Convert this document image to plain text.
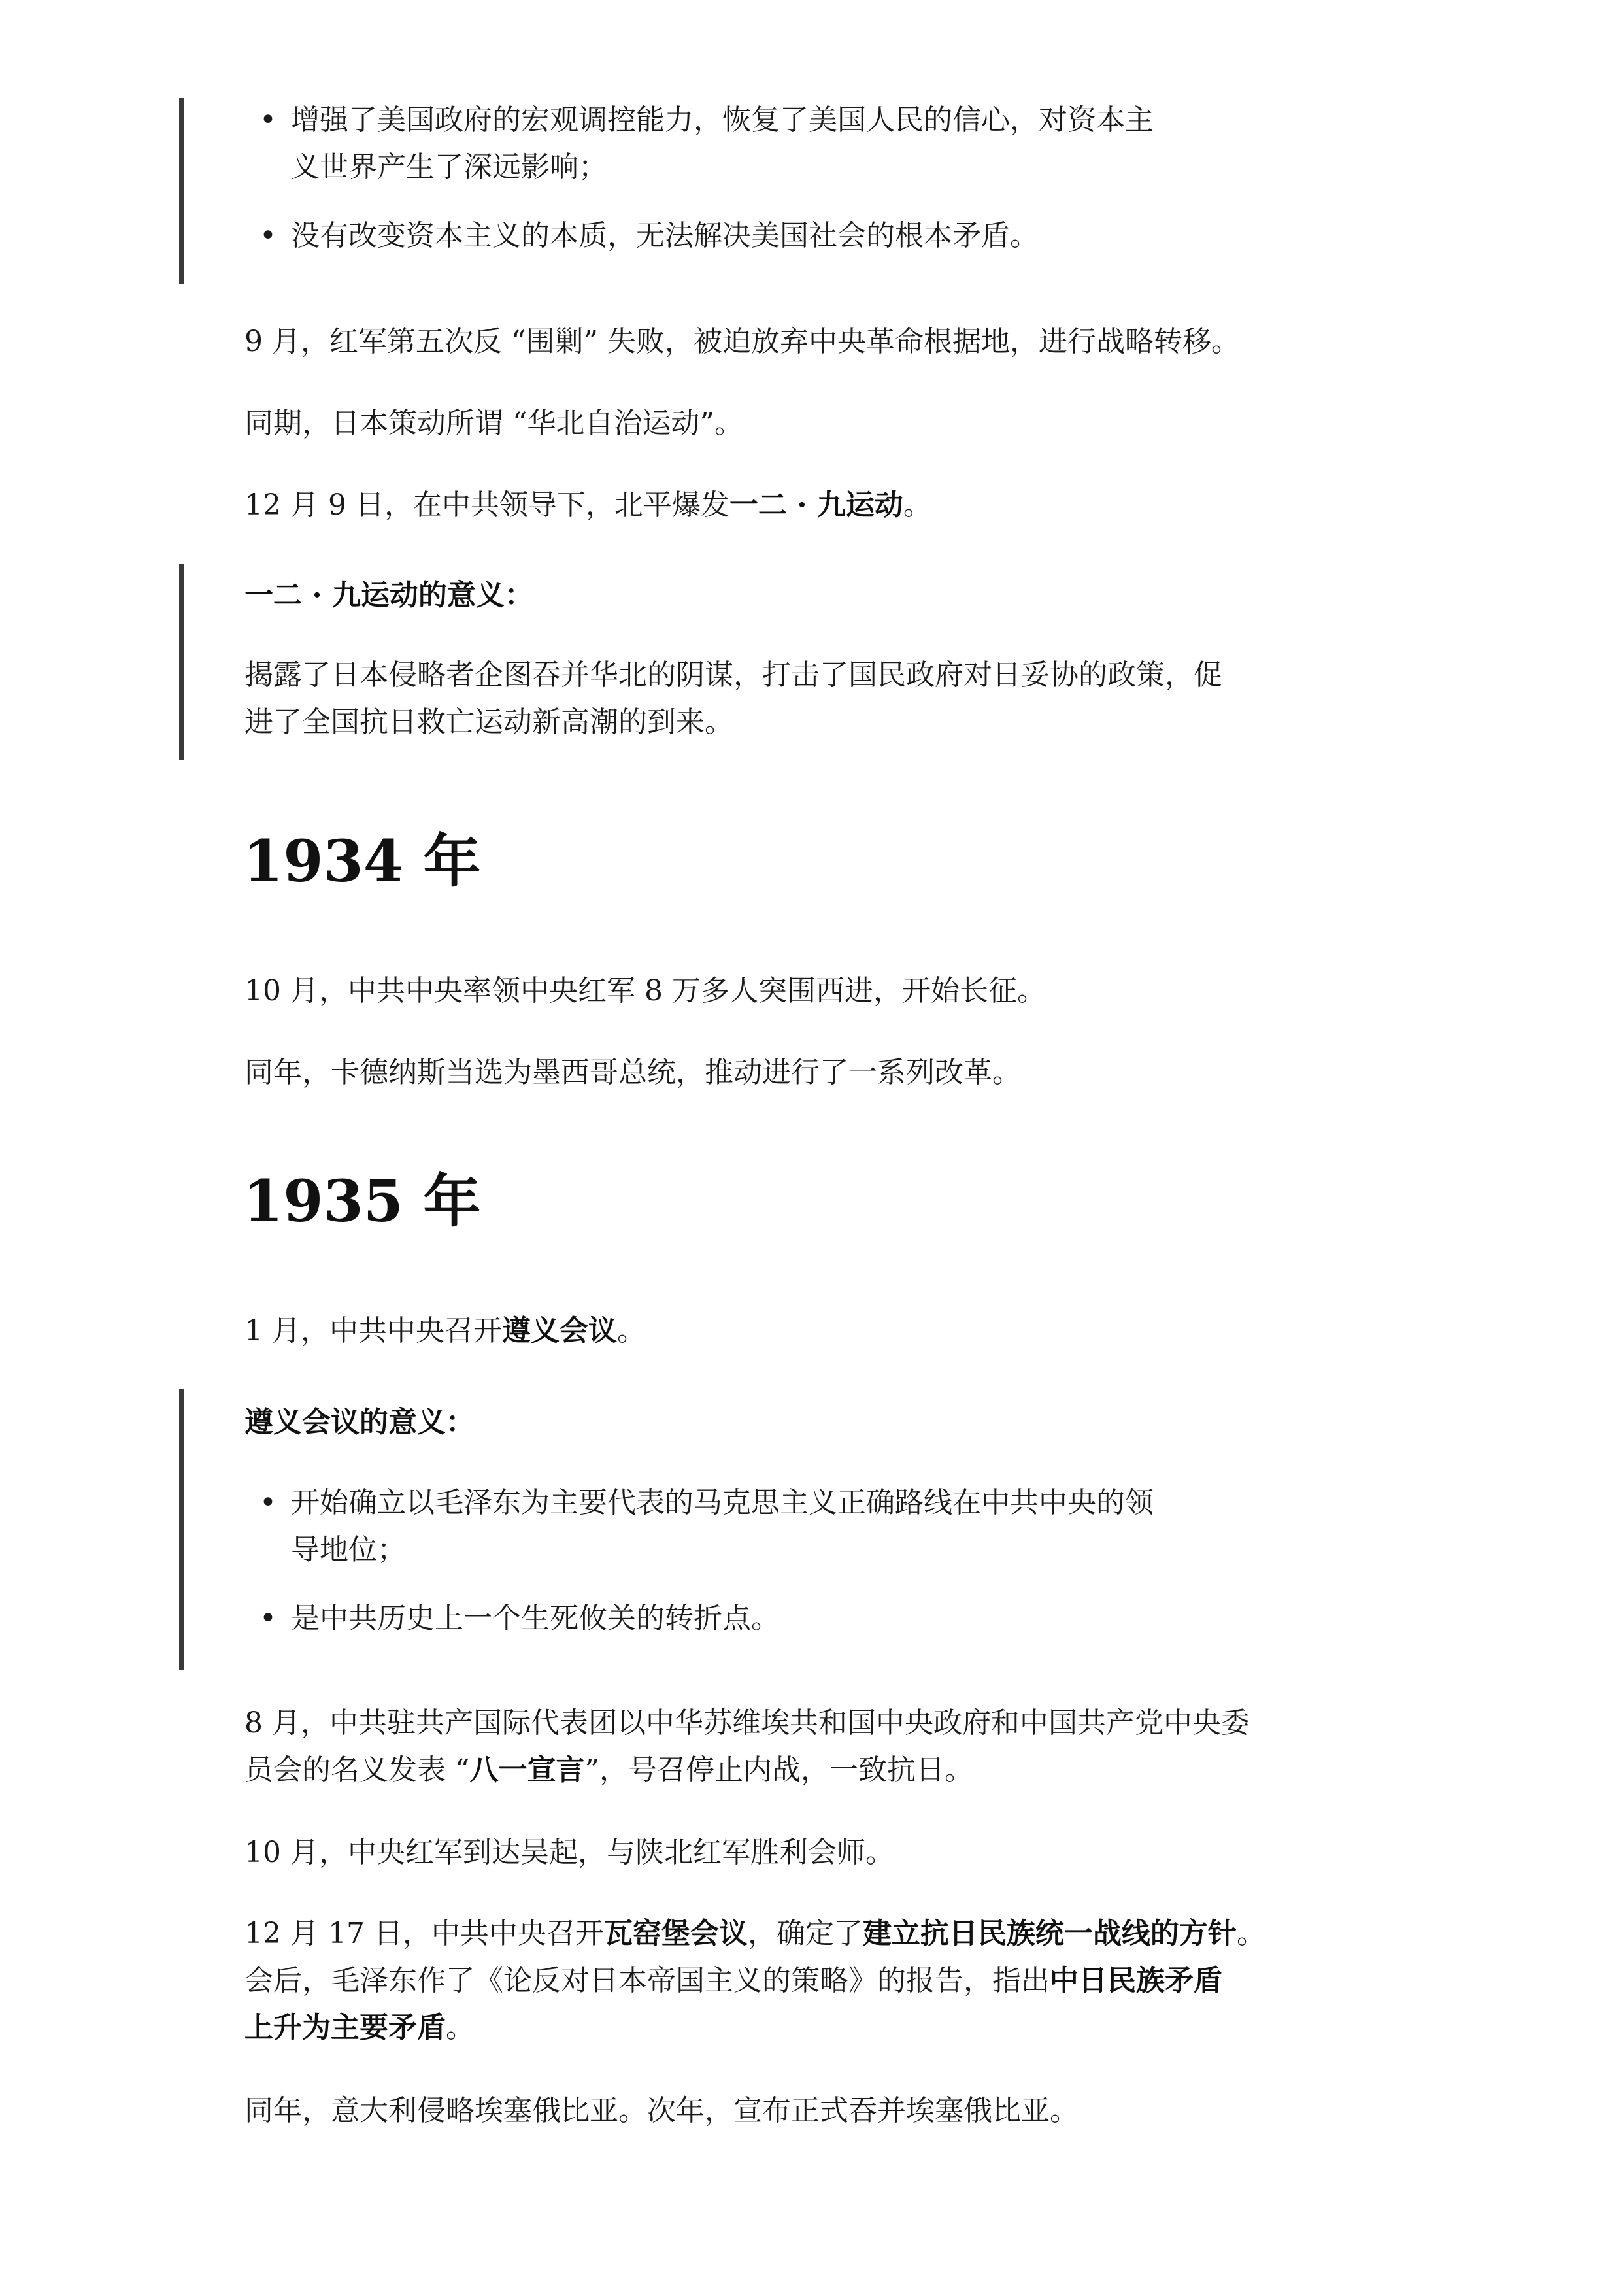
• 增强了美国政府的宏观调控能力，恢复了美国人民的信心，对资本主
义世界产生了深远影响；
• 没有改变资本主义的本质，无法解决美国社会的根本矛盾。

9 月，红军第五次反 “围剿” 失败，被迫放弃中央革命根据地，进行战略转移。

同期，日本策动所谓 “华北自治运动”。

12 月 9 日，在中共领导下，北平爆发一二 · 九运动。

一二 · 九运动的意义：

揭露了日本侵略者企图吞并华北的阴谋，打击了国民政府对日妥协的政策，促
进了全国抗日救亡运动新高潮的到来。

1934 年

10 月，中共中央率领中央红军 8 万多人突围西进，开始长征。

同年，卡德纳斯当选为墨西哥总统，推动进行了一系列改革。

1935 年

1 月，中共中央召开遵义会议。

遵义会议的意义：

• 开始确立以毛泽东为主要代表的马克思主义正确路线在中共中央的领
导地位；
• 是中共历史上一个生死攸关的转折点。

8 月，中共驻共产国际代表团以中华苏维埃共和国中央政府和中国共产党中央委
员会的名义发表 “八一宣言”，号召停止内战，一致抗日。

10 月，中央红军到达吴起，与陕北红军胜利会师。

12 月 17 日，中共中央召开瓦窑堡会议，确定了建立抗日民族统一战线的方针。
会后，毛泽东作了《论反对日本帝国主义的策略》的报告，指出中日民族矛盾
上升为主要矛盾。

同年，意大利侵略埃塞俄比亚。次年，宣布正式吞并埃塞俄比亚。
